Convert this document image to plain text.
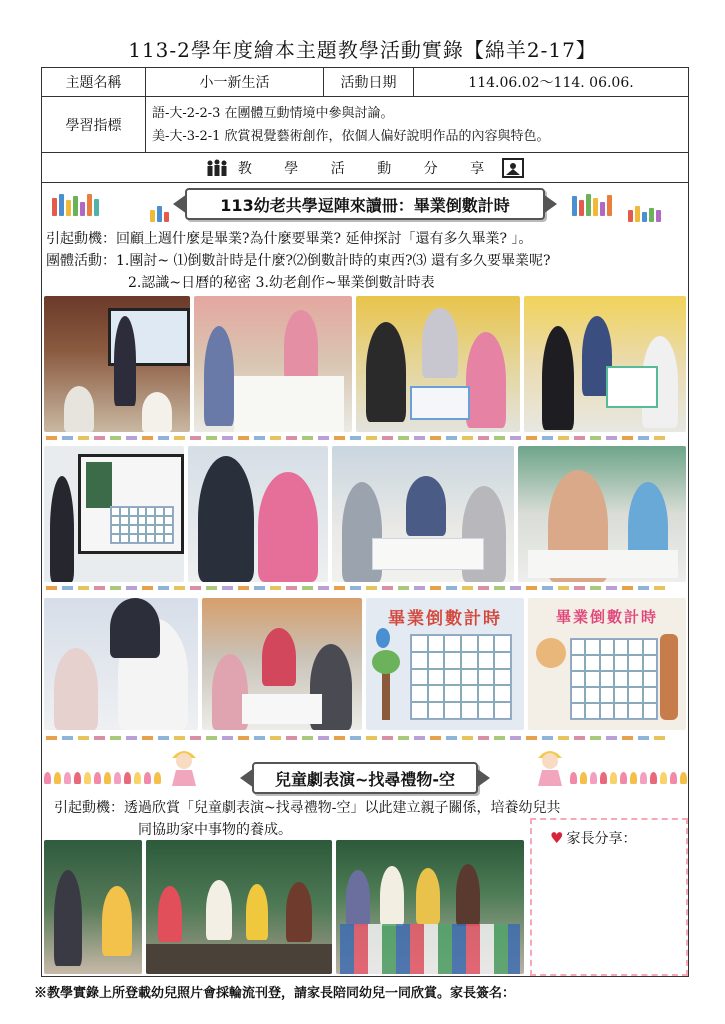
113-2學年度繪本主題教學活動實錄【綿羊2-17】
主題名稱	小一新生活	活動日期	114.06.02～114. 06.06.
學習指標
語-大-2-2-3 在團體互動情境中參與討論。
美-大-3-2-1 欣賞視覺藝術創作，依個人偏好說明作品的內容與特色。
教 學 活 動 分 享
113幼老共學逗陣來讀冊：畢業倒數計時
引起動機：回顧上週什麼是畢業?為什麼要畢業? 延伸探討「還有多久畢業? 」。
團體活動：1.團討~ ⑴倒數計時是什麼?⑵倒數計時的東西?⑶ 還有多久要畢業呢?
2.認識~日曆的秘密 3.幼老創作~畢業倒數計時表
畢業倒數計時	畢業倒數計時
兒童劇表演~找尋禮物-空
引起動機：透過欣賞「兒童劇表演~找尋禮物-空」以此建立親子關係，培養幼兒共
同協助家中事物的養成。	♥ 家長分享：
※教學實錄上所登載幼兒照片會採輪流刊登，請家長陪同幼兒一同欣賞。家長簽名：
